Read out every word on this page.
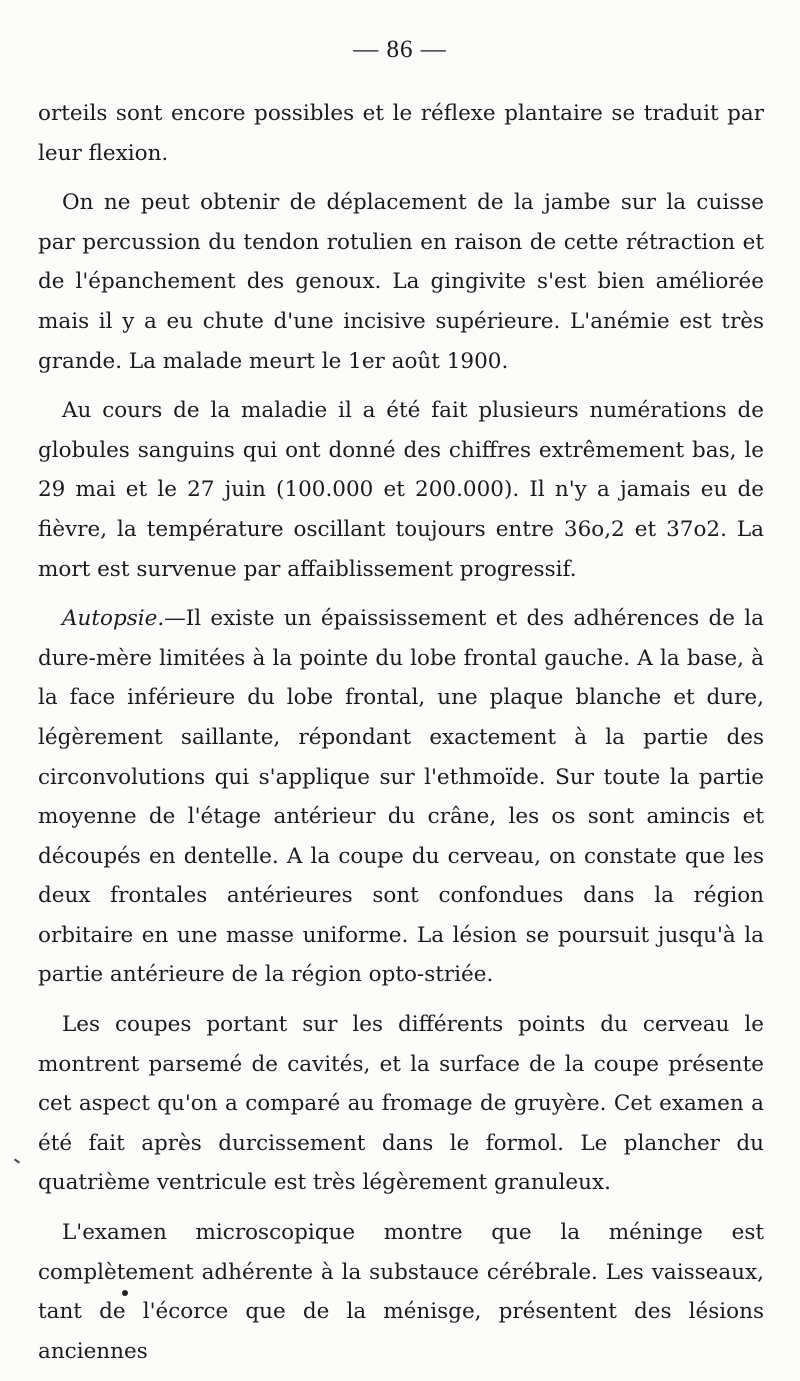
— 86 —

orteils sont encore possibles et le réflexe plantaire se traduit par leur flexion.

On ne peut obtenir de déplacement de la jambe sur la cuisse par percussion du tendon rotulien en raison de cette rétraction et de l'épanchement des genoux. La gingivite s'est bien améliorée mais il y a eu chute d'une incisive supérieure. L'anémie est très grande. La malade meurt le 1er août 1900.

Au cours de la maladie il a été fait plusieurs numérations de globules sanguins qui ont donné des chiffres extrêmement bas, le 29 mai et le 27 juin (100.000 et 200.000). Il n'y a jamais eu de fièvre, la température oscillant toujours entre 36o,2 et 37o2. La mort est survenue par affaiblissement progressif.

Autopsie.—Il existe un épaississement et des adhérences de la dure-mère limitées à la pointe du lobe frontal gauche. A la base, à la face inférieure du lobe frontal, une plaque blanche et dure, légèrement saillante, répondant exactement à la partie des circonvolutions qui s'applique sur l'ethmoïde. Sur toute la partie moyenne de l'étage antérieur du crâne, les os sont amincis et découpés en dentelle. A la coupe du cerveau, on constate que les deux frontales antérieures sont confondues dans la région orbitaire en une masse uniforme. La lésion se poursuit jusqu'à la partie antérieure de la région opto-striée.

Les coupes portant sur les différents points du cerveau le montrent parsemé de cavités, et la surface de la coupe présente cet aspect qu'on a comparé au fromage de gruyère. Cet examen a été fait après durcissement dans le formol. Le plancher du quatrième ventricule est très légèrement granuleux.

L'examen microscopique montre que la méninge est complètement adhérente à la substauce cérébrale. Les vaisseaux, tant de l'écorce que de la ménisge, présentent des lésions anciennes
